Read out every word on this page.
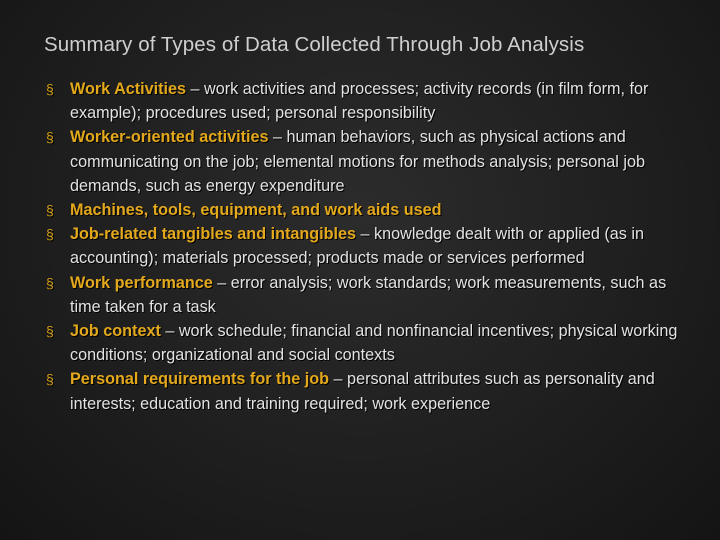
Summary of Types of Data Collected Through Job Analysis
§ Work Activities – work activities and processes; activity records (in film form, for example); procedures used; personal responsibility
§ Worker-oriented activities – human behaviors, such as physical actions and communicating on the job; elemental motions for methods analysis; personal job demands, such as energy expenditure
§ Machines, tools, equipment, and work aids used
§ Job-related tangibles and intangibles – knowledge dealt with or applied (as in accounting); materials processed; products made or services performed
§ Work performance – error analysis; work standards; work measurements, such as time taken for a task
§ Job context – work schedule; financial and nonfinancial incentives; physical working conditions; organizational and social contexts
§ Personal requirements for the job – personal attributes such as personality and interests; education and training required; work experience
